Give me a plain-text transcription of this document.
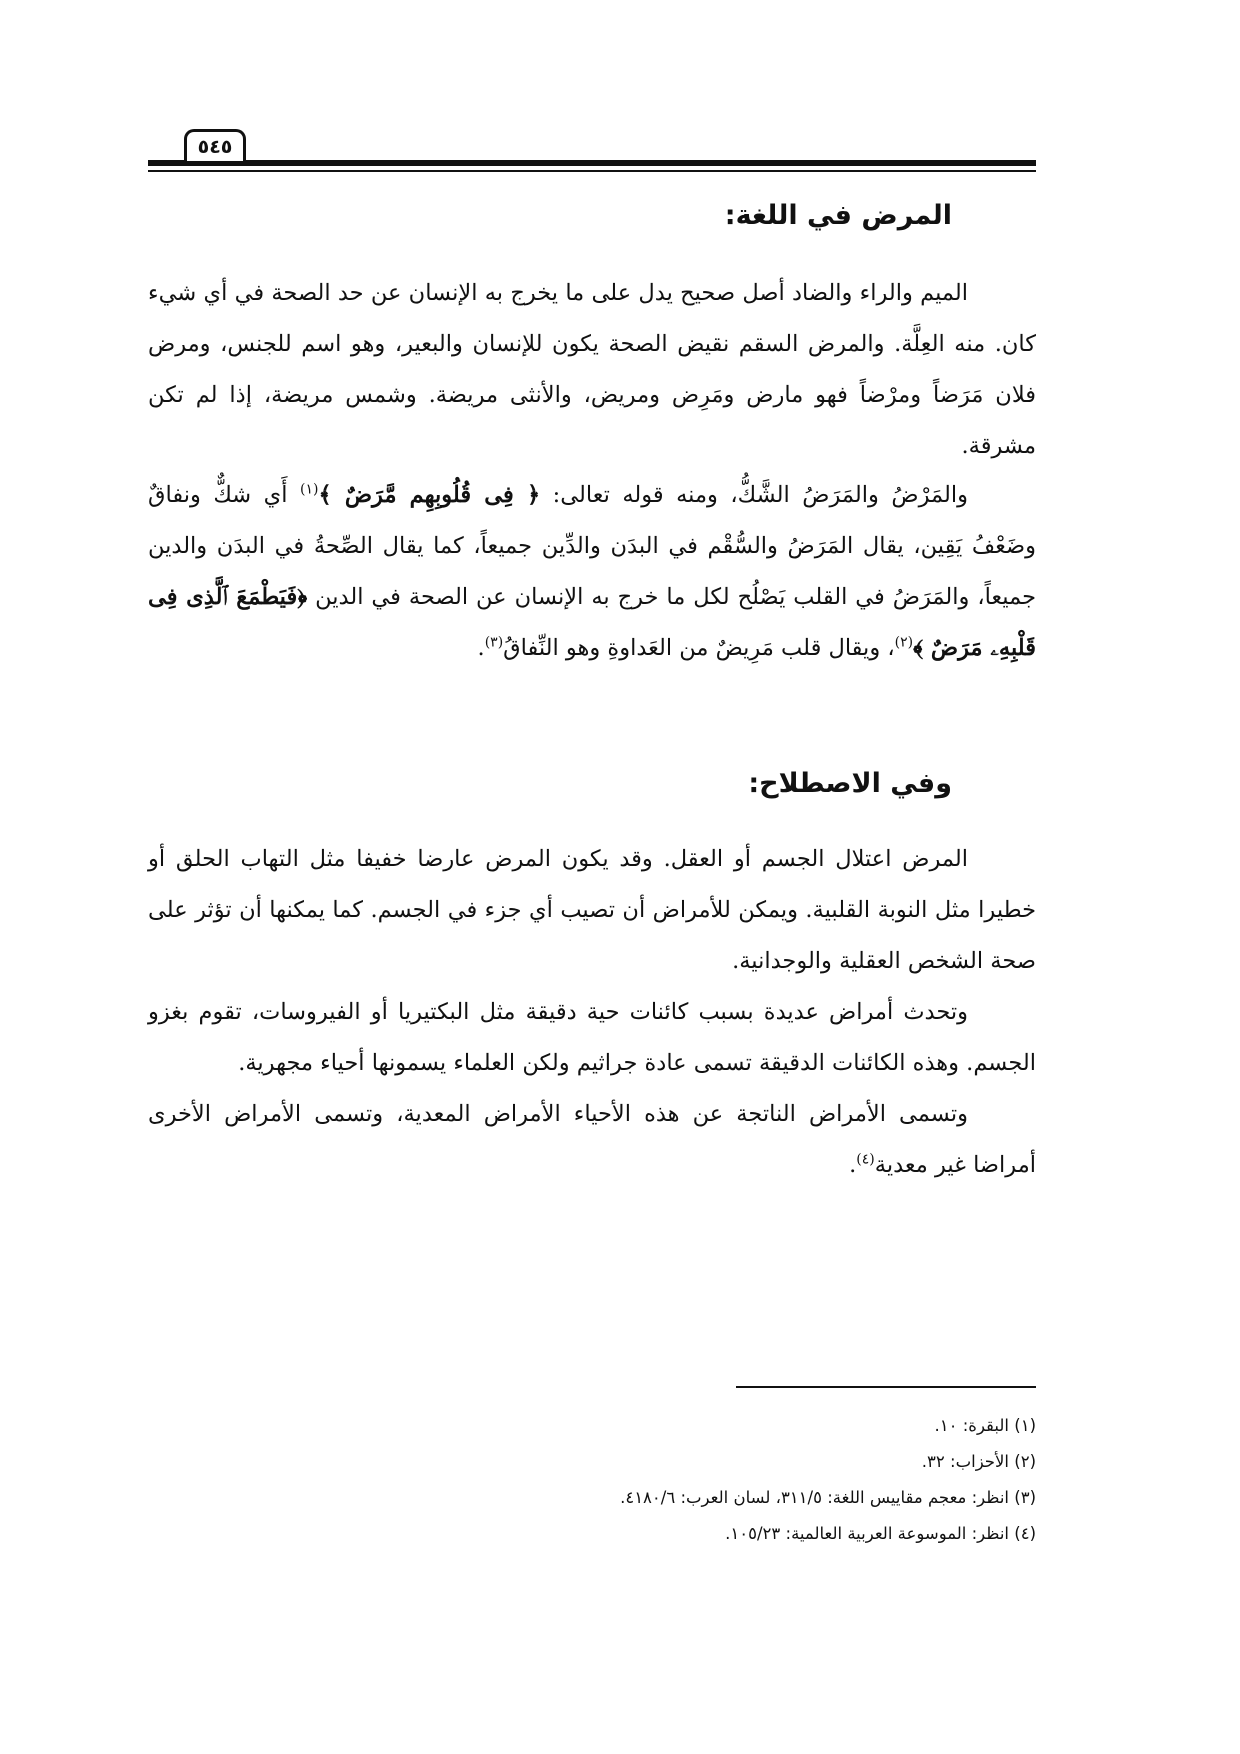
٥٤٥
المرض في اللغة:

الميم والراء والضاد أصل صحيح يدل على ما يخرج به الإنسان عن حد الصحة في أي شيء كان. منه العِلَّة. والمرض السقم نقيض الصحة يكون للإنسان والبعير، وهو اسم للجنس، ومرض فلان مَرَضاً ومرْضاً فهو مارض ومَرِض ومريض، والأنثى مريضة. وشمس مريضة، إذا لم تكن مشرقة.

والمَرْضُ والمَرَضُ الشَّكُّ، ومنه قوله تعالى: ﴿ فِى قُلُوبِهِم مَّرَضٌ ﴾$^{(١)}$ أَي شكٌّ ونفاقٌ وضَعْفُ يَقِين، يقال المَرَضُ والسُّقْم في البدَن والدِّين جميعاً، كما يقال الصِّحةُ في البدَن والدين جميعاً، والمَرَضُ في القلب يَصْلُح لكل ما خرج به الإنسان عن الصحة في الدين ﴿فَيَطْمَعَ ٱلَّذِى فِى قَلْبِهِۦ مَرَضٌ ﴾$^{(٢)}$، ويقال قلب مَرِيضٌ من العَداوةِ وهو النِّفاقُ$^{(٣)}$.

وفي الاصطلاح:

المرض اعتلال الجسم أو العقل. وقد يكون المرض عارضا خفيفا مثل التهاب الحلق أو خطيرا مثل النوبة القلبية. ويمكن للأمراض أن تصيب أي جزء في الجسم. كما يمكنها أن تؤثر على صحة الشخص العقلية والوجدانية.

وتحدث أمراض عديدة بسبب كائنات حية دقيقة مثل البكتيريا أو الفيروسات، تقوم بغزو الجسم. وهذه الكائنات الدقيقة تسمى عادة جراثيم ولكن العلماء يسمونها أحياء مجهرية.

وتسمى الأمراض الناتجة عن هذه الأحياء الأمراض المعدية، وتسمى الأمراض الأخرى أمراضا غير معدية$^{(٤)}$.

(١) البقرة: ١٠.
(٢) الأحزاب: ٣٢.
(٣) انظر: معجم مقاييس اللغة: ٣١١/٥، لسان العرب: ٤١٨٠/٦.
(٤) انظر: الموسوعة العربية العالمية: ١٠٥/٢٣.
